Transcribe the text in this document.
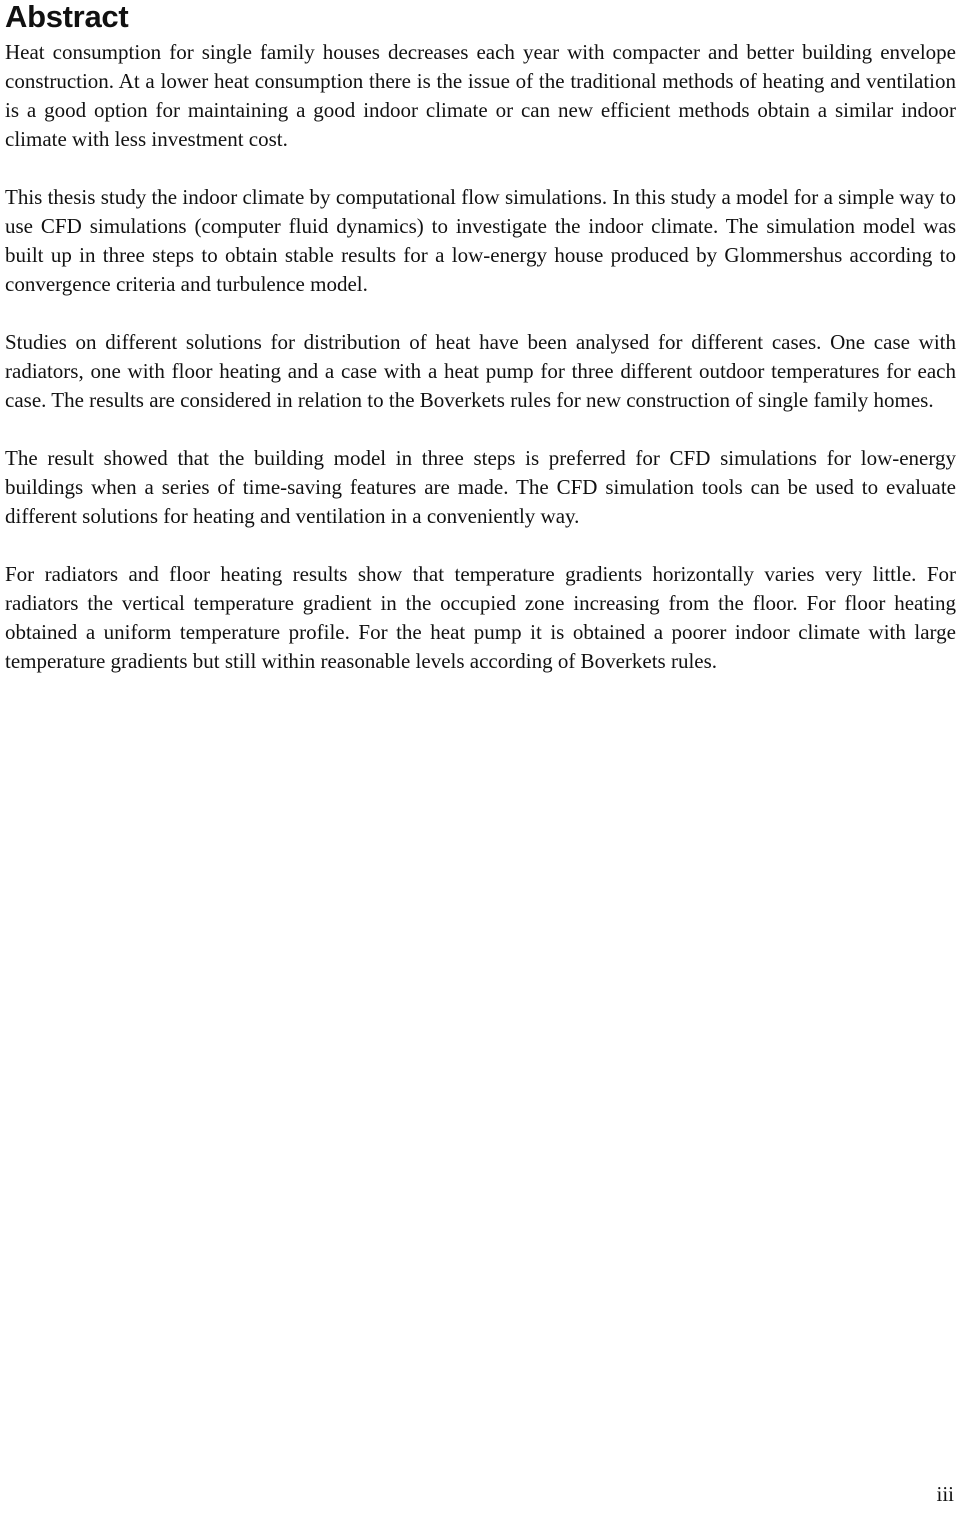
Abstract

Heat consumption for single family houses decreases each year with compacter and better building envelope construction. At a lower heat consumption there is the issue of the traditional methods of heating and ventilation is a good option for maintaining a good indoor climate or can new efficient methods obtain a similar indoor climate with less investment cost.

This thesis study the indoor climate by computational flow simulations. In this study a model for a simple way to use CFD simulations (computer fluid dynamics) to investigate the indoor climate. The simulation model was built up in three steps to obtain stable results for a low-energy house produced by Glommershus according to convergence criteria and turbulence model.

Studies on different solutions for distribution of heat have been analysed for different cases. One case with radiators, one with floor heating and a case with a heat pump for three different outdoor temperatures for each case. The results are considered in relation to the Boverkets rules for new construction of single family homes.

The result showed that the building model in three steps is preferred for CFD simulations for low-energy buildings when a series of time-saving features are made. The CFD simulation tools can be used to evaluate different solutions for heating and ventilation in a conveniently way.

For radiators and floor heating results show that temperature gradients horizontally varies very little. For radiators the vertical temperature gradient in the occupied zone increasing from the floor. For floor heating obtained a uniform temperature profile. For the heat pump it is obtained a poorer indoor climate with large temperature gradients but still within reasonable levels according of Boverkets rules.

iii
